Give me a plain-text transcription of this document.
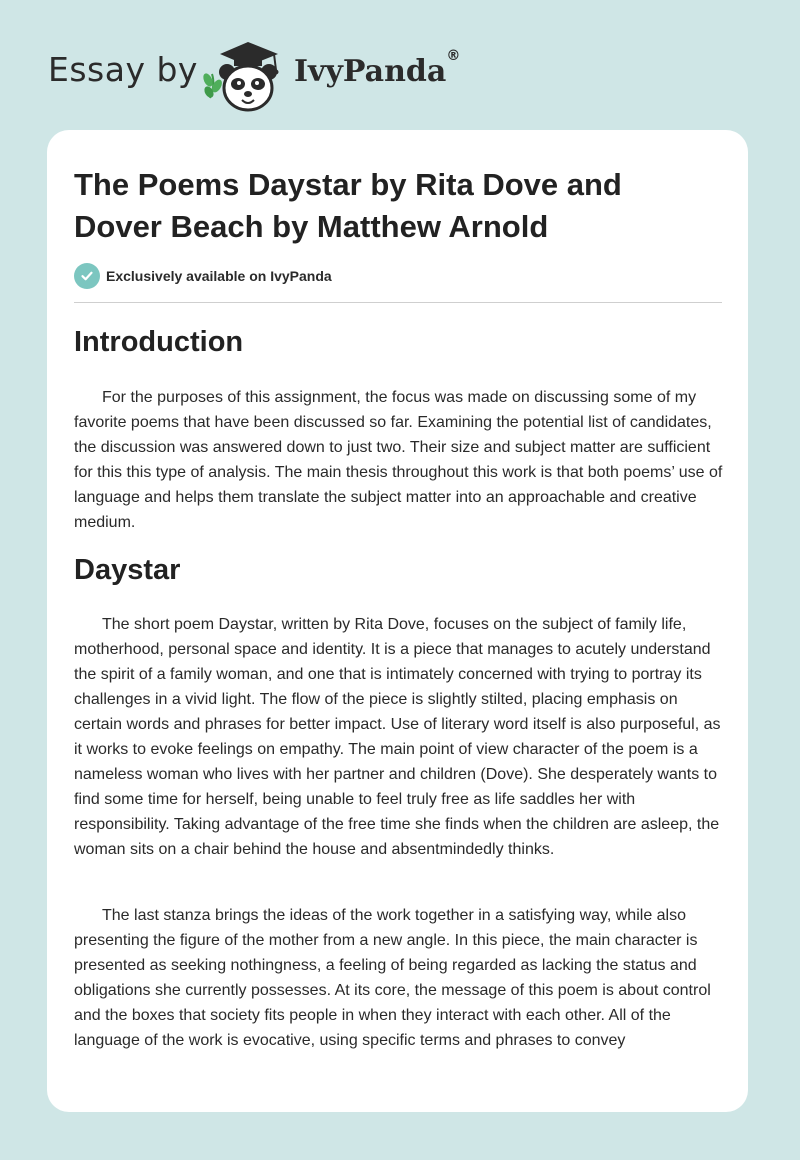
Essay by	IvyPanda®
The Poems Daystar by Rita Dove and Dover Beach by Matthew Arnold
Exclusively available on IvyPanda
Introduction

For the purposes of this assignment, the focus was made on discussing some of my favorite poems that have been discussed so far. Examining the potential list of candidates, the discussion was answered down to just two. Their size and subject matter are sufficient for this this type of analysis. The main thesis throughout this work is that both poems’ use of language and helps them translate the subject matter into an approachable and creative medium.

Daystar

The short poem Daystar, written by Rita Dove, focuses on the subject of family life, motherhood, personal space and identity. It is a piece that manages to acutely understand the spirit of a family woman, and one that is intimately concerned with trying to portray its challenges in a vivid light. The flow of the piece is slightly stilted, placing emphasis on certain words and phrases for better impact. Use of literary word itself is also purposeful, as it works to evoke feelings on empathy. The main point of view character of the poem is a nameless woman who lives with her partner and children (Dove). She desperately wants to find some time for herself, being unable to feel truly free as life saddles her with responsibility. Taking advantage of the free time she finds when the children are asleep, the woman sits on a chair behind the house and absentmindedly thinks.

The last stanza brings the ideas of the work together in a satisfying way, while also presenting the figure of the mother from a new angle. In this piece, the main character is presented as seeking nothingness, a feeling of being regarded as lacking the status and obligations she currently possesses. At its core, the message of this poem is about control and the boxes that society fits people in when they interact with each other. All of the language of the work is evocative, using specific terms and phrases to convey
